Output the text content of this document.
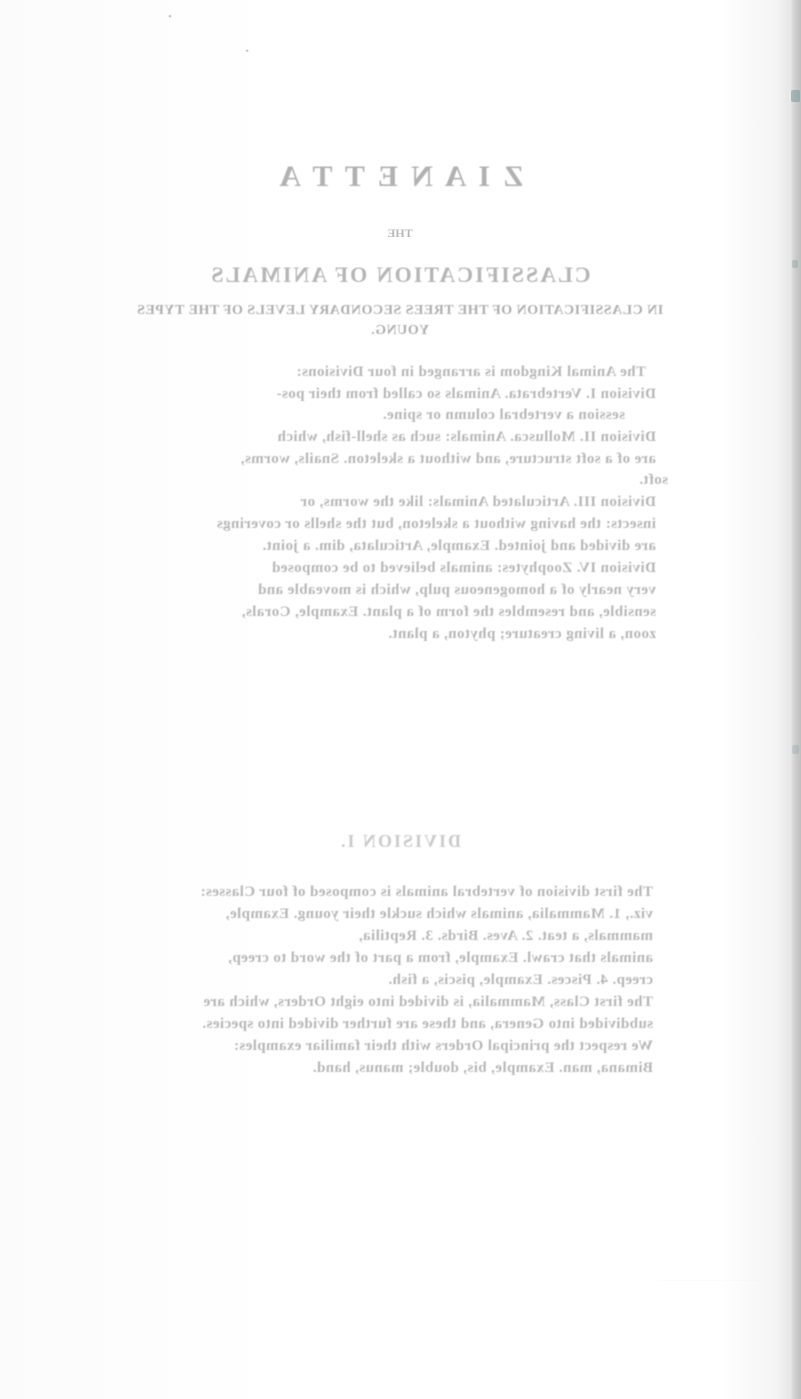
•
٭
Z I A N E T T A
THE
CLASSIFICATION OF ANIMALS
IN CLASSIFICATION OF THE TREES SECONDARY LEVELS OF THE TYPES
YOUNG.
The Animal Kingdom is arranged in four Divisions:
Division I. Vertebrata. Animals so called from their pos-
session a vertebral column or spine.
Division II. Mollusca. Animals: such as shell-fish, which
are of a soft structure, and without a skeleton. Snails, worms,
soft.
Division III. Articulated Animals: like the worms, or
insects: the having without a skeleton, but the shells or coverings
are divided and jointed. Example, Articulata, dim. a joint.
Division IV. Zoophytes: animals believed to be composed
very nearly of a homogeneous pulp, which is moveable and
sensible, and resembles the form of a plant. Example, Corals,
zoon, a living creature; phyton, a plant.
DIVISION I.
The first division of vertebral animals is composed of four Classes:
viz., 1. Mammalia, animals which suckle their young. Example,
mammals, a teat. 2. Aves. Birds. 3. Reptilia,
animals that crawl. Example, from a part of the word to creep,
creep. 4. Pisces. Example, piscis, a fish.
The first Class, Mammalia, is divided into eight Orders, which are
subdivided into Genera, and these are further divided into species.
We respect the principal Orders with their familiar examples:
Bimana, man. Example, bis, double; manus, hand.
